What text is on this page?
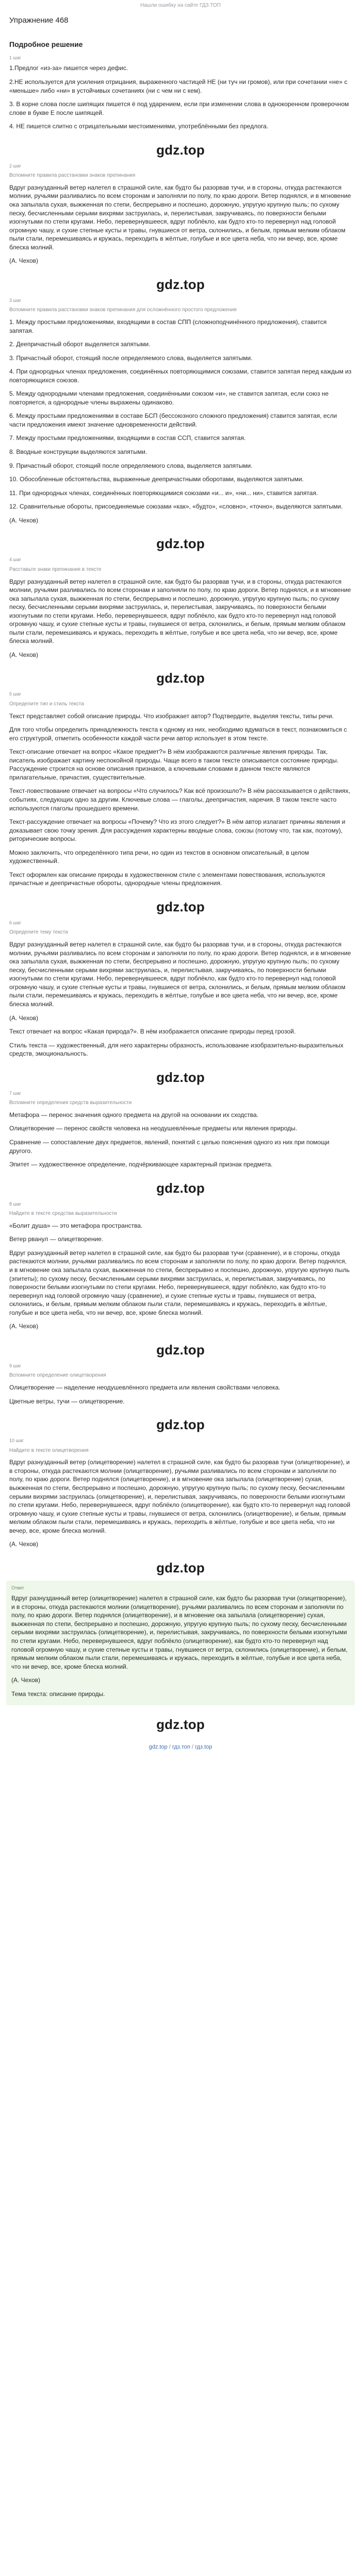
Нашли ошибку на сайте ГДЗ.ТОП
Упражнение 468
Подробное решение
1 шаг

1.Предлог «из-за» пишется через дефис.

2.НЕ используется для усиления отрицания, выраженного частицей НЕ (ни туч ни громов), или при сочетании «не» с «меньше» либо «ни» в устойчивых сочетаниях (ни с чем ни с кем).

3. В корне слова после шипящих пишется ё под ударением, если при изменении слова в однокоренном проверочном слове в букве Е после шипящей.

4. НЕ пишется слитно с отрицательными местоимениями, употреблёнными без предлога.

gdz.top
2 шаг
Вспомните правила расстановки знаков препинания

Вдруг разнузданный ветер налетел в страшной силе, как будто бы разорвав тучи, и в стороны, откуда растекаются молнии, ручьями разливались по всем сторонам и заполняли по полу, по краю дороги. Ветер поднялся, и в мгновение ока запылала сухая, выжженная по степи, беспрерывно и поспешно, дорожную, упругую крупную пыль; по сухому песку, бесчисленными серыми вихрями заструилась, и, перелистывая, закручиваясь, по поверхности белыми изогнутыми по степи кругами. Небо, перевернувшееся, вдруг поблёкло, как будто кто-то перевернул над головой огромную чашу, и сухие степные кусты и травы, гнувшиеся от ветра, склонились, и белым, прямым мелким облаком пыли стали, перемешиваясь и кружась, переходить в жёлтые, голубые и все цвета неба, что ни вечер, все, кроме блеска молний.

(А. Чехов)

gdz.top
3 шаг
Вспомните правила расстановки знаков препинания для осложнённого простого предложения

1. Между простыми предложениями, входящими в состав СПП (сложноподчинённого предложения), ставится запятая.

2. Деепричастный оборот выделяется запятыми.

3. Причастный оборот, стоящий после определяемого слова, выделяется запятыми.

4. При однородных членах предложения, соединённых повторяющимися союзами, ставится запятая перед каждым из повторяющихся союзов.

5. Между однородными членами предложения, соединёнными союзом «и», не ставится запятая, если союз не повторяется, а однородные члены выражены одинаково.

6. Между простыми предложениями в составе БСП (бессоюзного сложного предложения) ставится запятая, если части предложения имеют значение одновременности действий.

7. Между простыми предложениями, входящими в состав ССП, ставится запятая.

8. Вводные конструкции выделяются запятыми.

9. Причастный оборот, стоящий после определяемого слова, выделяется запятыми.

10. Обособленные обстоятельства, выраженные деепричастными оборотами, выделяются запятыми.

11. При однородных членах, соединённых повторяющимися союзами «и... и», «ни... ни», ставится запятая.

12. Сравнительные обороты, присоединяемые союзами «как», «будто», «словно», «точно», выделяются запятыми.

(А. Чехов)

gdz.top
4 шаг
Расставьте знаки препинания в тексте

Вдруг разнузданный ветер налетел в страшной силе, как будто бы разорвав тучи, и в стороны, откуда растекаются молнии, ручьями разливались по всем сторонам и заполняли по полу, по краю дороги. Ветер поднялся, и в мгновение ока запылала сухая, выжженная по степи, беспрерывно и поспешно, дорожную, упругую крупную пыль; по сухому песку, бесчисленными серыми вихрями заструилась, и, перелистывая, закручиваясь, по поверхности белыми изогнутыми по степи кругами. Небо, перевернувшееся, вдруг поблёкло, как будто кто-то перевернул над головой огромную чашу, и сухие степные кусты и травы, гнувшиеся от ветра, склонились, и белым, прямым мелким облаком пыли стали, перемешиваясь и кружась, переходить в жёлтые, голубые и все цвета неба, что ни вечер, все, кроме блеска молний.

(А. Чехов)

gdz.top
5 шаг
Определите тип и стиль текста

Текст представляет собой описание природы. Что изображает автор? Подтвердите, выделяя тексты, типы речи.

Для того чтобы определить принадлежность текста к одному из них, необходимо вдуматься в текст, познакомиться с его структурой, отметить особенности каждой части речи автор использует в этом тексте.

Текст-описание отвечает на вопрос «Какое предмет?» В нём изображаются различные явления природы. Так, писатель изображает картину неспокойной природы. Чаще всего в таком тексте описывается состояние природы. Рассуждение строится на основе описания признаков, а ключевыми словами в данном тексте являются прилагательные, причастия, существительные.

Текст-повествование отвечает на вопросы «Что случилось? Как всё произошло?» В нём рассказывается о действиях, событиях, следующих одно за другим. Ключевые слова — глаголы, деепричастия, наречия. В таком тексте часто используются глаголы прошедшего времени.

Текст-рассуждение отвечает на вопросы «Почему? Что из этого следует?» В нём автор излагает причины явления и доказывает свою точку зрения. Для рассуждения характерны вводные слова, союзы (потому что, так как, поэтому), риторические вопросы.

Можно заключить, что определённого типа речи, но один из текстов в основном описательный, в целом художественный.

Текст оформлен как описание природы в художественном стиле с элементами повествования, используются причастные и деепричастные обороты, однородные члены предложения.

gdz.top
6 шаг
Определите тему текста

Вдруг разнузданный ветер налетел в страшной силе, как будто бы разорвав тучи, и в стороны, откуда растекаются молнии, ручьями разливались по всем сторонам и заполняли по полу, по краю дороги. Ветер поднялся, и в мгновение ока запылала сухая, выжженная по степи, беспрерывно и поспешно, дорожную, упругую крупную пыль; по сухому песку, бесчисленными серыми вихрями заструилась, и, перелистывая, закручиваясь, по поверхности белыми изогнутыми по степи кругами. Небо, перевернувшееся, вдруг поблёкло, как будто кто-то перевернул над головой огромную чашу, и сухие степные кусты и травы, гнувшиеся от ветра, склонились, и белым, прямым мелким облаком пыли стали, перемешиваясь и кружась, переходить в жёлтые, голубые и все цвета неба, что ни вечер, все, кроме блеска молний.

(А. Чехов)

Текст отвечает на вопрос «Какая природа?». В нём изображается описание природы перед грозой.

Стиль текста — художественный, для него характерны образность, использование изобразительно-выразительных средств, эмоциональность.

gdz.top
7 шаг
Вспомните определения средств выразительности

Метафора — перенос значения одного предмета на другой на основании их сходства.

Олицетворение — перенос свойств человека на неодушевлённые предметы или явления природы.

Сравнение — сопоставление двух предметов, явлений, понятий с целью пояснения одного из них при помощи другого.

Эпитет — художественное определение, подчёркивающее характерный признак предмета.

gdz.top
8 шаг
Найдите в тексте средства выразительности

«Болит душа» — это метафора пространства.

Ветер рванул — олицетворение.

Вдруг разнузданный ветер налетел в страшной силе, как будто бы разорвав тучи (сравнение), и в стороны, откуда растекаются молнии, ручьями разливались по всем сторонам и заполняли по полу, по краю дороги. Ветер поднялся, и в мгновение ока запылала сухая, выжженная по степи, беспрерывно и поспешно, дорожную, упругую крупную пыль (эпитеты); по сухому песку, бесчисленными серыми вихрями заструилась, и, перелистывая, закручиваясь, по поверхности белыми изогнутыми по степи кругами. Небо, перевернувшееся, вдруг поблёкло, как будто кто-то перевернул над головой огромную чашу (сравнение), и сухие степные кусты и травы, гнувшиеся от ветра, склонились, и белым, прямым мелким облаком пыли стали, перемешиваясь и кружась, переходить в жёлтые, голубые и все цвета неба, что ни вечер, все, кроме блеска молний.

(А. Чехов)

gdz.top
9 шаг
Вспомните определение олицетворения

Олицетворение — наделение неодушевлённого предмета или явления свойствами человека.

Цветные ветры, тучи — олицетворение.

gdz.top
10 шаг
Найдите в тексте олицетворения

Вдруг разнузданный ветер (олицетворение) налетел в страшной силе, как будто бы разорвав тучи (олицетворение), и в стороны, откуда растекаются молнии (олицетворение), ручьями разливались по всем сторонам и заполняли по полу, по краю дороги. Ветер поднялся (олицетворение), и в мгновение ока запылала (олицетворение) сухая, выжженная по степи, беспрерывно и поспешно, дорожную, упругую крупную пыль; по сухому песку, бесчисленными серыми вихрями заструилась (олицетворение), и, перелистывая, закручиваясь, по поверхности белыми изогнутыми по степи кругами. Небо, перевернувшееся, вдруг поблёкло (олицетворение), как будто кто-то перевернул над головой огромную чашу, и сухие степные кусты и травы, гнувшиеся от ветра, склонились (олицетворение), и белым, прямым мелким облаком пыли стали, перемешиваясь и кружась, переходить в жёлтые, голубые и все цвета неба, что ни вечер, все, кроме блеска молний.

(А. Чехов)

gdz.top
Ответ

Вдруг разнузданный ветер (олицетворение) налетел в страшной силе, как будто бы разорвав тучи (олицетворение), и в стороны, откуда растекаются молнии (олицетворение), ручьями разливались по всем сторонам и заполняли по полу, по краю дороги. Ветер поднялся (олицетворение), и в мгновение ока запылала (олицетворение) сухая, выжженная по степи, беспрерывно и поспешно, дорожную, упругую крупную пыль; по сухому песку, бесчисленными серыми вихрями заструилась (олицетворение), и, перелистывая, закручиваясь, по поверхности белыми изогнутыми по степи кругами. Небо, перевернувшееся, вдруг поблёкло (олицетворение), как будто кто-то перевернул над головой огромную чашу, и сухие степные кусты и травы, гнувшиеся от ветра, склонились (олицетворение), и белым, прямым мелким облаком пыли стали, перемешиваясь и кружась, переходить в жёлтые, голубые и все цвета неба, что ни вечер, все, кроме блеска молний.

(А. Чехов)

Тема текста: описание природы.

gdz.top
gdz.top / гдз.топ / гдз.top
